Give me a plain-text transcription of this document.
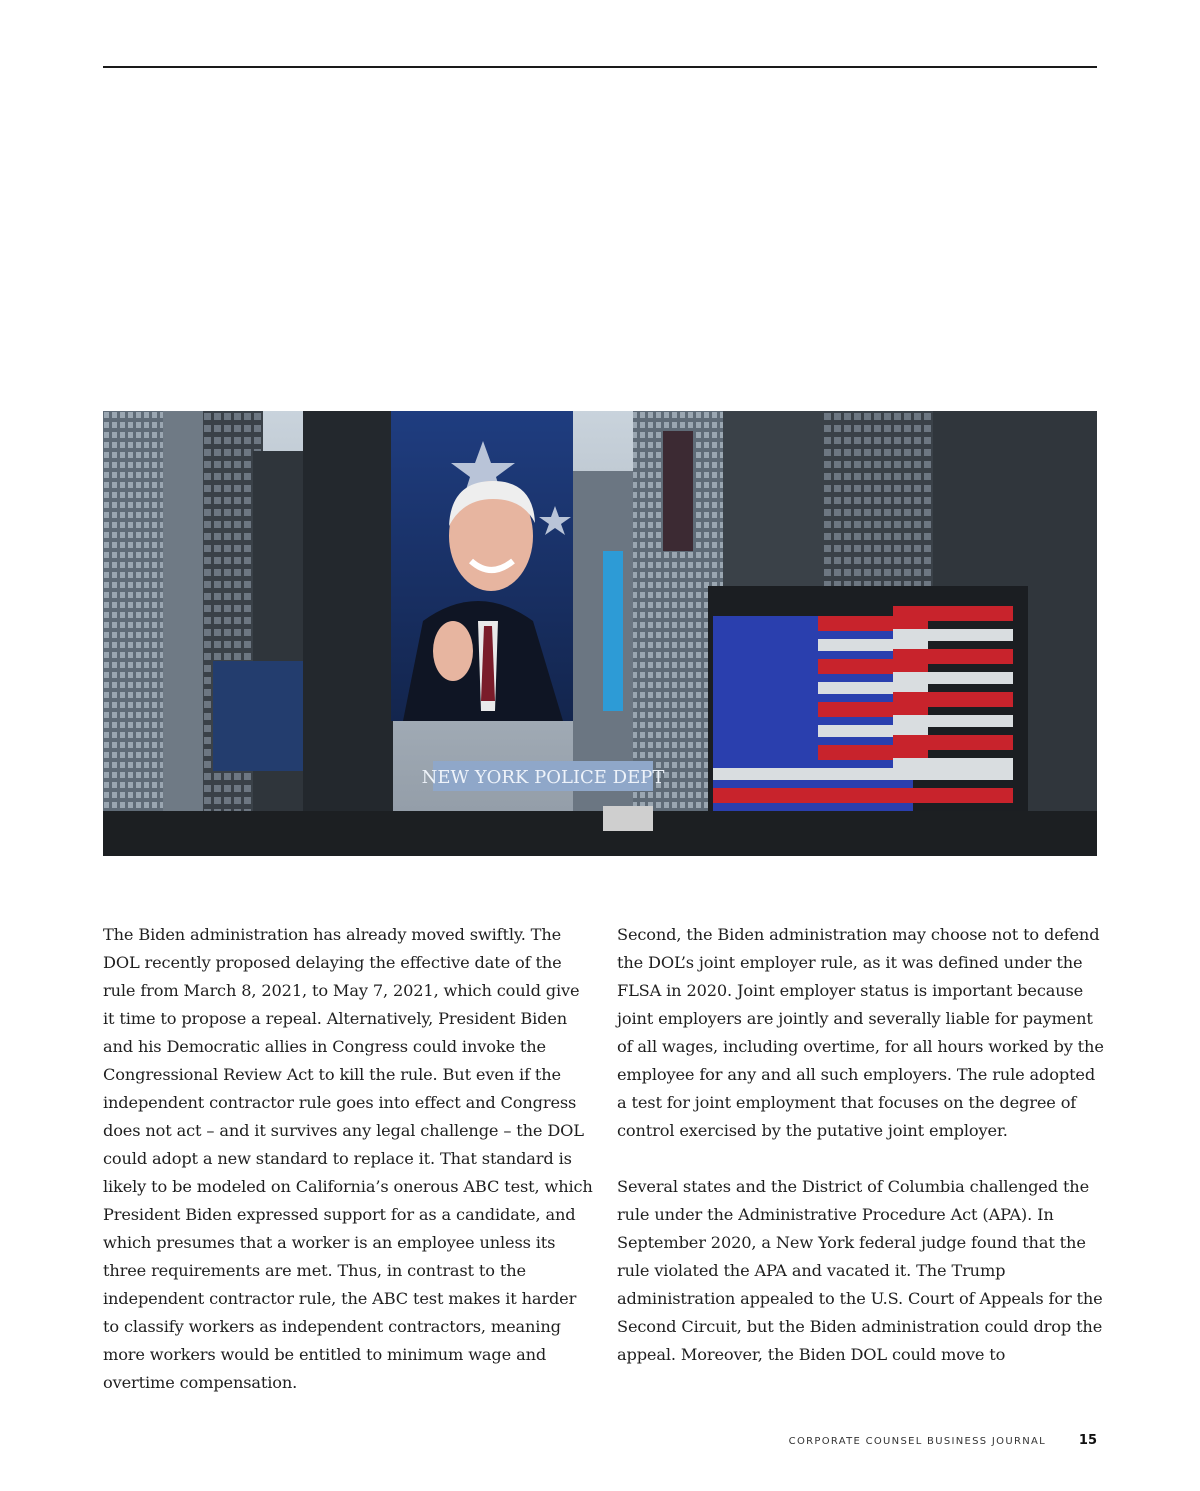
NEW YORK POLICE DEPT

The Biden administration has already moved swiftly. The DOL recently proposed delaying the effective date of the rule from March 8, 2021, to May 7, 2021, which could give it time to propose a repeal. Alternatively, President Biden and his Democratic allies in Congress could invoke the Congressional Review Act to kill the rule. But even if the independent contractor rule goes into effect and Congress does not act – and it survives any legal challenge – the DOL could adopt a new standard to replace it. That standard is likely to be modeled on California’s onerous ABC test, which President Biden expressed support for as a candidate, and which presumes that a worker is an employee unless its three requirements are met. Thus, in contrast to the independent contractor rule, the ABC test makes it harder to classify workers as independent contractors, meaning more workers would be entitled to minimum wage and overtime compensation.

Second, the Biden administration may choose not to defend the DOL’s joint employer rule, as it was defined under the FLSA in 2020. Joint employer status is important because joint employers are jointly and severally liable for payment of all wages, including overtime, for all hours worked by the employee for any and all such employers. The rule adopted a test for joint employment that focuses on the degree of control exercised by the putative joint employer.

Several states and the District of Columbia challenged the rule under the Administrative Procedure Act (APA). In September 2020, a New York federal judge found that the rule violated the APA and vacated it. The Trump administration appealed to the U.S. Court of Appeals for the Second Circuit, but the Biden administration could drop the appeal. Moreover, the Biden DOL could move to

CORPORATE COUNSEL BUSINESS JOURNAL	15
